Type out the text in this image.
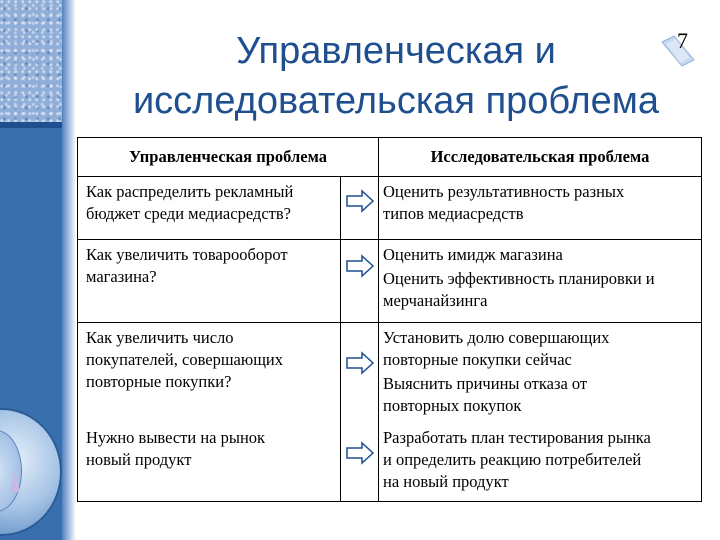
7
Управленческая и
исследовательская проблема
Управленческая проблема		Исследовательская проблема

Как распределить рекламный
бюджет среди медиасредств?		Оценить результативность разных
типов медиасредств

Как увеличить товарооборот
магазина?		Оценить имидж магазина
Оценить эффективность планировки и
мерчанайзинга

Как увеличить число
покупателей, совершающих
повторные покупки?		Установить долю совершающих
повторные покупки сейчас
Выяснить причины отказа от
повторных покупок

Нужно вывести на рынок
новый продукт		Разработать план тестирования рынка
и определить реакцию потребителей
на новый продукт
